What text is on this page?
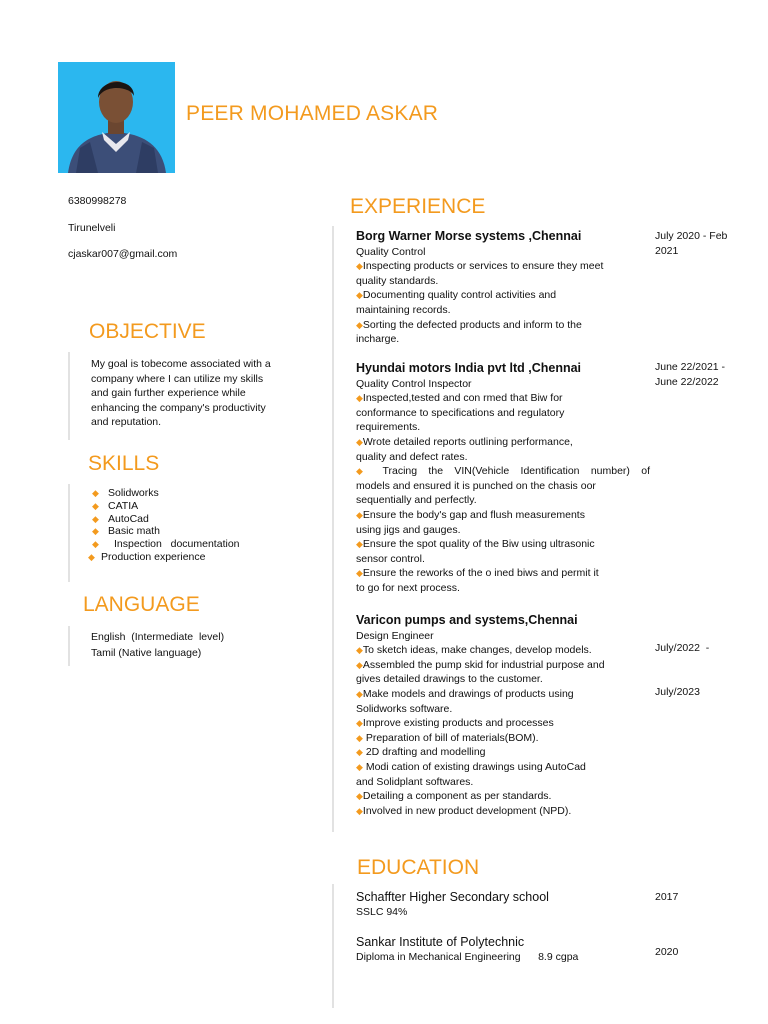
PEER MOHAMED ASKAR
6380998278
Tirunelveli
cjaskar007@gmail.com
OBJECTIVE
My goal is tobecome associated with a
company where I can utilize my skills
and gain further experience while
enhancing the company's productivity
and reputation.
SKILLS
◆ Solidworks
◆ CATIA
◆ AutoCad
◆ Basic math
◆ Inspection   documentation
◆ Production experience
LANGUAGE
English  (Intermediate  level)
Tamil (Native language)
EXPERIENCE
Borg Warner Morse systems ,Chennai
Quality Control
◆Inspecting products or services to ensure they meet
quality standards.
◆Documenting quality control activities and
maintaining records.
◆Sorting the defected products and inform to the
incharge.
July 2020 - Feb
2021
Hyundai motors India pvt ltd ,Chennai
Quality Control Inspector
◆Inspected,tested and con rmed that Biw for
conformance to specifications and regulatory
requirements.
◆Wrote detailed reports outlining performance,
quality and defect rates.
◆ Tracing the VIN(Vehicle Identification number) of
models and ensured it is punched on the chasis oor
sequentially and perfectly.
◆Ensure the body's gap and flush measurements
using jigs and gauges.
◆Ensure the spot quality of the Biw using ultrasonic
sensor control.
◆Ensure the reworks of the o ined biws and permit it
to go for next process.
June 22/2021 -
June 22/2022
Varicon pumps and systems,Chennai
Design Engineer
◆To sketch ideas, make changes, develop models.
◆Assembled the pump skid for industrial purpose and
gives detailed drawings to the customer.
◆Make models and drawings of products using
Solidworks software.
◆Improve existing products and processes
◆ Preparation of bill of materials(BOM).
◆ 2D drafting and modelling
◆ Modi cation of existing drawings using AutoCad
and Solidplant softwares.
◆Detailing a component as per standards.
◆Involved in new product development (NPD).

July/2022  -

July/2023

EDUCATION
Schaffter Higher Secondary school
SSLC 94%
2017
Sankar Institute of Polytechnic
Diploma in Mechanical Engineering      8.9 cgpa	2020
